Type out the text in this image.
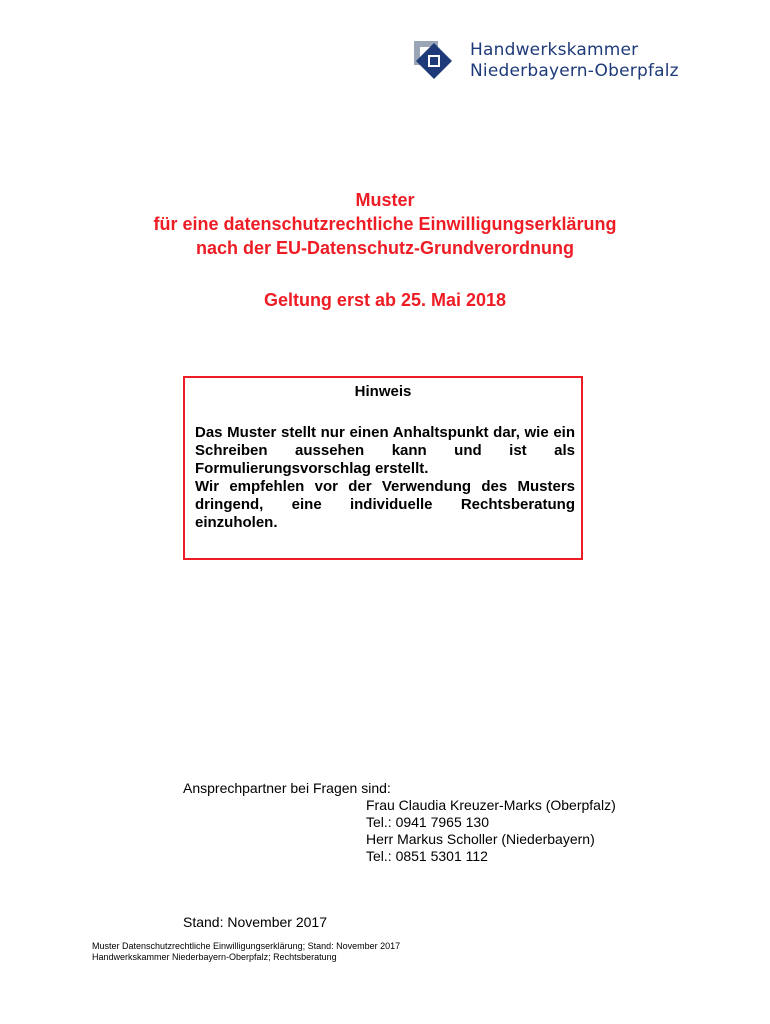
Handwerkskammer
Niederbayern-Oberpfalz
Muster
für eine datenschutzrechtliche Einwilligungserklärung
nach der EU-Datenschutz-Grundverordnung
Geltung erst ab 25. Mai 2018
Hinweis
Das Muster stellt nur einen Anhaltspunkt dar, wie ein Schreiben aussehen kann und ist als Formulierungsvorschlag erstellt.
Wir empfehlen vor der Verwendung des Musters dringend, eine individuelle Rechtsberatung einzuholen.
Ansprechpartner bei Fragen sind:
Frau Claudia Kreuzer-Marks (Oberpfalz)
Tel.: 0941 7965 130
Herr Markus Scholler (Niederbayern)
Tel.: 0851 5301 112
Stand: November 2017
Muster Datenschutzrechtliche Einwilligungserklärung; Stand: November 2017
Handwerkskammer Niederbayern-Oberpfalz; Rechtsberatung
